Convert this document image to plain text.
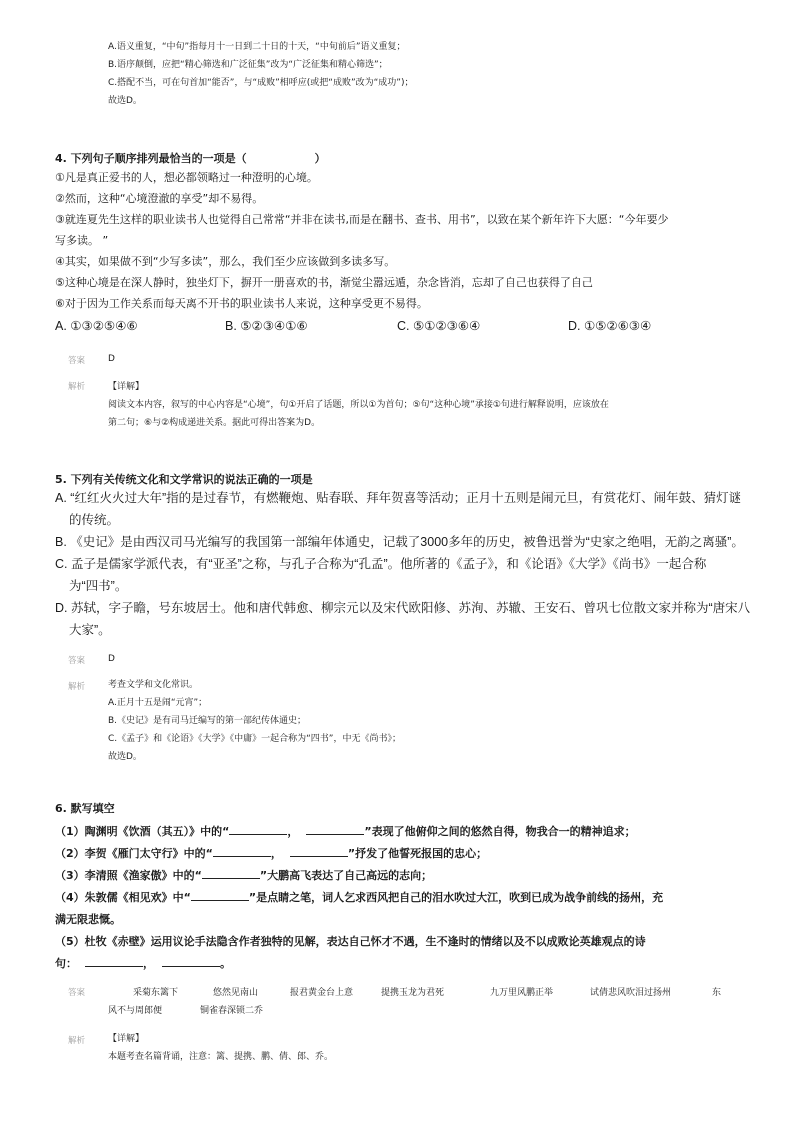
A.语义重复，“中旬”指每月十一日到二十日的十天，“中旬前后”语义重复；
B.语序颠倒，应把“精心筛选和广泛征集”改为“广泛征集和精心筛选”；
C.搭配不当，可在句首加“能否”，与“成败”相呼应(或把“成败”改为“成功”)；
故选D。
4. 下列句子顺序排列最恰当的一项是（	）
①凡是真正爱书的人，想必都领略过一种澄明的心境。
②然而，这种“心境澄澈的享受”却不易得。
③就连夏先生这样的职业读书人也觉得自己常常“并非在读书,而是在翻书、查书、用书”，以致在某个新年许下大愿：“今年要少
写多读。 ”
④其实，如果做不到“少写多读”，那么，我们至少应该做到多读多写。
⑤这种心境是在深人静时，独坐灯下，摒开一册喜欢的书，渐觉尘嚣远遁，杂念皆消，忘却了自己也获得了自己
⑥对于因为工作关系而每天离不开书的职业读书人来说，这种享受更不易得。
A. ①③②⑤④⑥	B. ⑤②③④①⑥	C. ⑤①②③⑥④	D. ①⑤②⑥③④
答案	D
解析	【详解】
阅读文本内容，叙写的中心内容是“心境”，句①开启了话题，所以①为首句；⑤句“这种心境”承接①句进行解释说明，应该放在
第二句；⑥与②构成递进关系。据此可得出答案为D。
5. 下列有关传统文化和文学常识的说法正确的一项是
A. “红红火火过大年”指的是过春节，有燃鞭炮、贴春联、拜年贺喜等活动；正月十五则是闹元旦，有赏花灯、闹年鼓、猜灯谜
的传统。
B. 《史记》是由西汉司马光编写的我国第一部编年体通史，记载了3000多年的历史，被鲁迅誉为“史家之绝唱，无韵之离骚”。
C. 孟子是儒家学派代表，有“亚圣”之称，与孔子合称为“孔孟”。他所著的《孟子》，和《论语》《大学》《尚书》一起合称
为“四书”。
D. 苏轼，字子瞻，号东坡居士。他和唐代韩愈、柳宗元以及宋代欧阳修、苏洵、苏辙、王安石、曾巩七位散文家并称为“唐宋八
大家”。
答案	D
解析	考查文学和文化常识。
A.正月十五是闹“元宵”；
B.《史记》是有司马迁编写的第一部纪传体通史；
C.《孟子》和《论语》《大学》《中庸》一起合称为“四书”，中无《尚书》；
故选D。
6. 默写填空
（1）陶渊明《饮酒（其五）》中的“	，	”表现了他俯仰之间的悠然自得，物我合一的精神追求；
（2）李贺《雁门太守行》中的“	，	”抒发了他誓死报国的忠心；
（3）李清照《渔家傲》中的“	”大鹏高飞表达了自己高远的志向；
（4）朱敦儒《相见欢》中“	”是点睛之笔，词人乞求西风把自己的泪水吹过大江，吹到已成为战争前线的扬州，充
满无限悲慨。
（5）杜牧《赤壁》运用议论手法隐含作者独特的见解，表达自己怀才不遇，生不逢时的情绪以及不以成败论英雄观点的诗
句：	，	。
答案	采菊东篱下	悠然见南山	报君黄金台上意	提携玉龙为君死	九万里风鹏正举	试倩悲风吹泪过扬州	东
风不与周郎便	铜雀春深锁二乔
解析	【详解】
本题考查名篇背诵，注意：篱、提携、鹏、倩、郎、乔。
